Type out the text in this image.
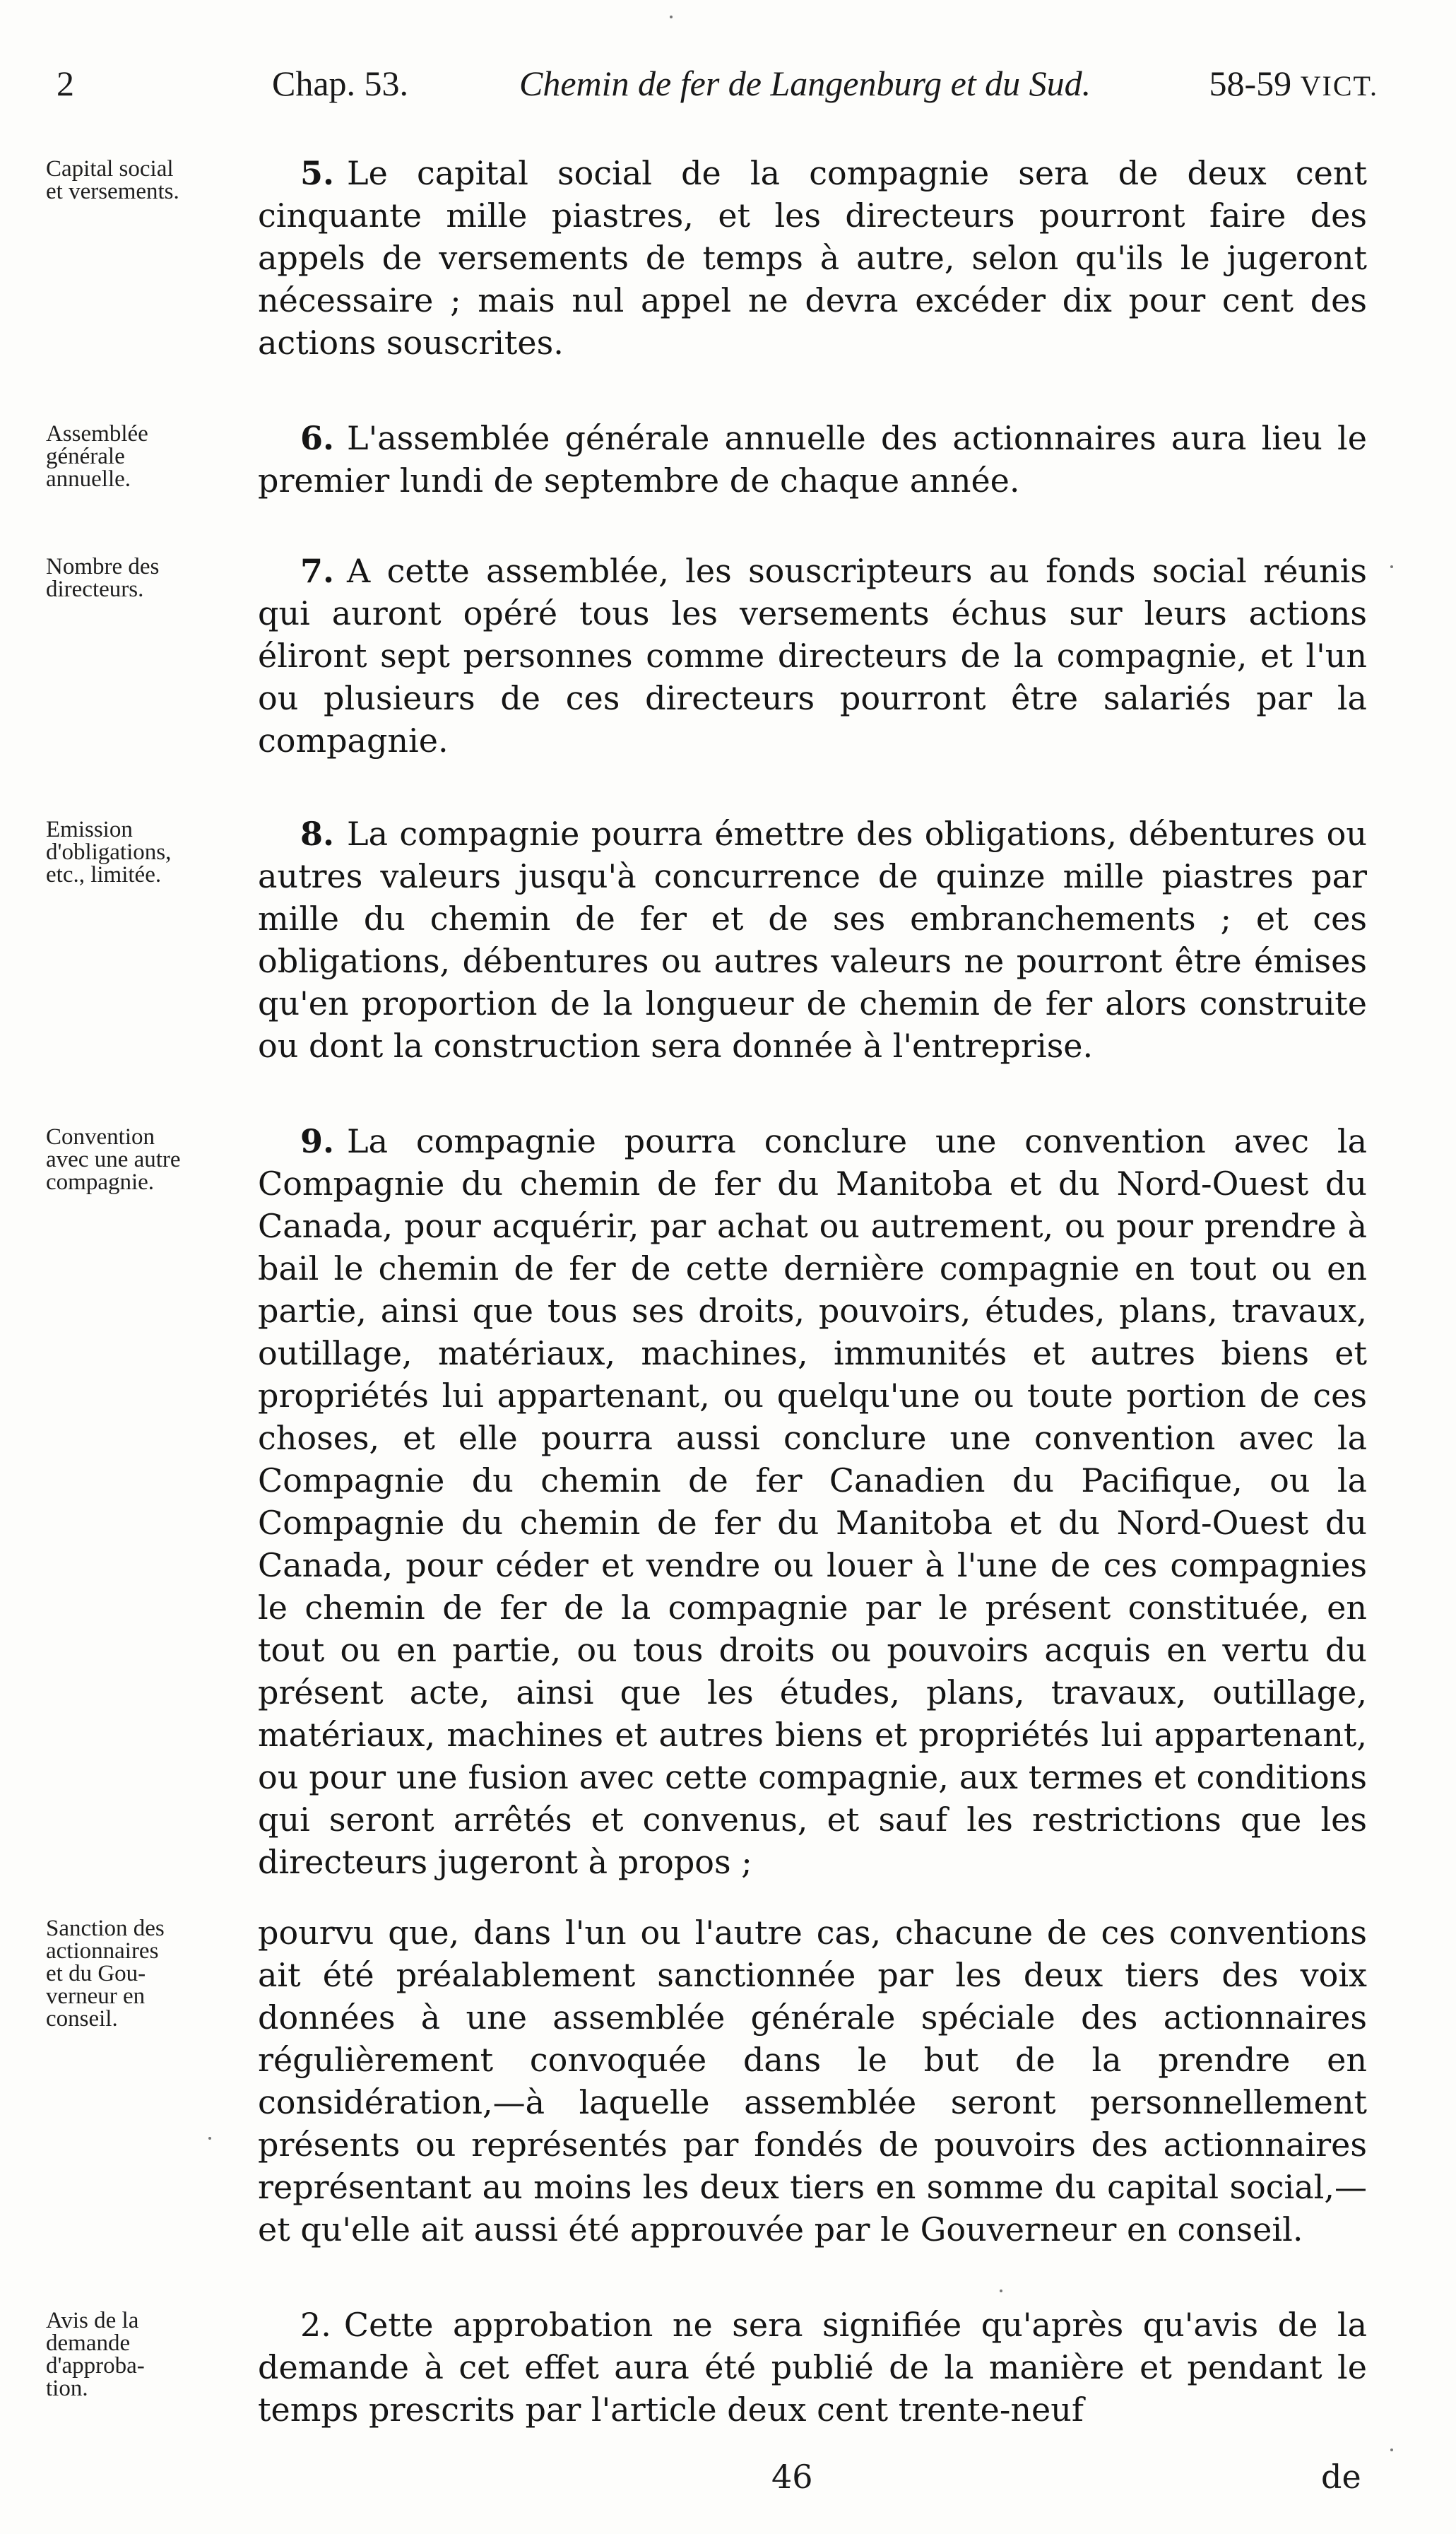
2	Chap. 53.	Chemin de fer de Langenburg et du Sud.	58-59 VICT.
Capital social
et versements.	5. Le capital social de la compagnie sera de deux cent cinquante mille piastres, et les directeurs pourront faire des appels de versements de temps à autre, selon qu'ils le jugeront nécessaire ; mais nul appel ne devra excéder dix pour cent des actions souscrites.
Assemblée
générale
annuelle.
6. L'assemblée générale annuelle des actionnaires aura lieu le premier lundi de septembre de chaque année.
Nombre des
directeurs.	7. A cette assemblée, les souscripteurs au fonds social réunis qui auront opéré tous les versements échus sur leurs actions éliront sept personnes comme directeurs de la compagnie, et l'un ou plusieurs de ces directeurs pourront être salariés par la compagnie.
Emission
d'obligations,
etc., limitée.
8. La compagnie pourra émettre des obligations, débentures ou autres valeurs jusqu'à concurrence de quinze mille piastres par mille du chemin de fer et de ses embranchements ; et ces obligations, débentures ou autres valeurs ne pourront être émises qu'en proportion de la longueur de chemin de fer alors construite ou dont la construction sera donnée à l'entreprise.
Convention
avec une autre
compagnie.
9. La compagnie pourra conclure une convention avec la Compagnie du chemin de fer du Manitoba et du Nord-Ouest du Canada, pour acquérir, par achat ou autrement, ou pour prendre à bail le chemin de fer de cette dernière compagnie en tout ou en partie, ainsi que tous ses droits, pouvoirs, études, plans, travaux, outillage, matériaux, machines, immunités et autres biens et propriétés lui appartenant, ou quelqu'une ou toute portion de ces choses, et elle pourra aussi conclure une convention avec la Compagnie du chemin de fer Canadien du Pacifique, ou la Compagnie du chemin de fer du Manitoba et du Nord-Ouest du Canada, pour céder et vendre ou louer à l'une de ces compagnies le chemin de fer de la compagnie par le présent constituée, en tout ou en partie, ou tous droits ou pouvoirs acquis en vertu du présent acte, ainsi que les études, plans, travaux, outillage, matériaux, machines et autres biens et propriétés lui appartenant, ou pour une fusion avec cette compagnie, aux termes et conditions qui seront arrêtés et convenus, et sauf les restrictions que les directeurs jugeront à propos ;
Sanction des
actionnaires
et du Gou-
verneur en
conseil.
pourvu que, dans l'un ou l'autre cas, chacune de ces conventions ait été préalablement sanctionnée par les deux tiers des voix données à une assemblée générale spéciale des actionnaires régulièrement convoquée dans le but de la prendre en considération,—à laquelle assemblée seront personnellement présents ou représentés par fondés de pouvoirs des actionnaires représentant au moins les deux tiers en somme du capital social,—et qu'elle ait aussi été approuvée par le Gouverneur en conseil.
Avis de la
demande
d'approba-
tion.
2. Cette approbation ne sera signifiée qu'après qu'avis de la demande à cet effet aura été publié de la manière et pendant le temps prescrits par l'article deux cent trente-neuf
46	de
